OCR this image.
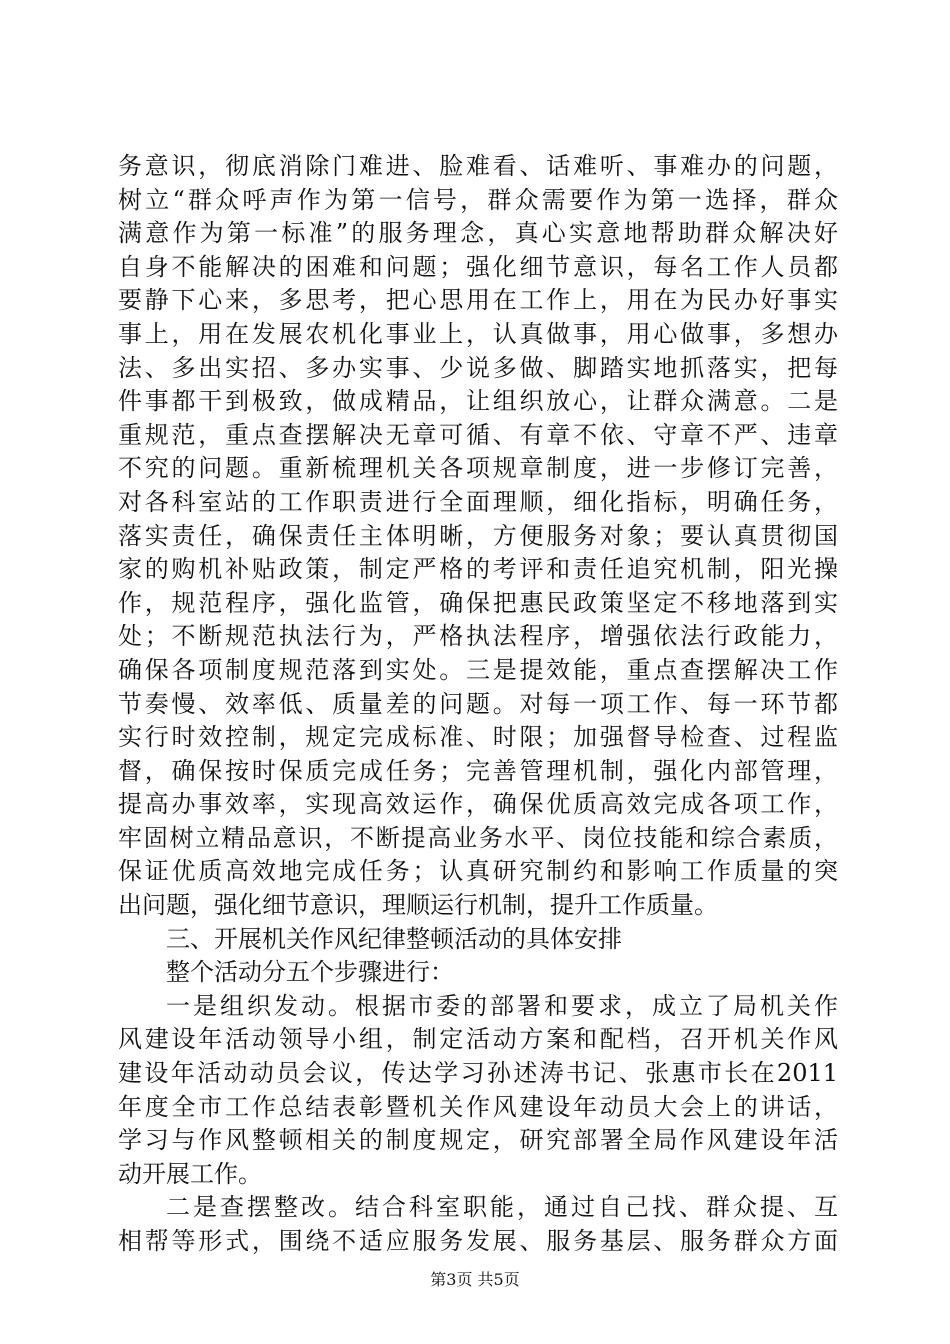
务意识，彻底消除门难进、脸难看、话难听、事难办的问题，
树立“群众呼声作为第一信号，群众需要作为第一选择，群众
满意作为第一标准”的服务理念，真心实意地帮助群众解决好
自身不能解决的困难和问题；强化细节意识，每名工作人员都
要静下心来，多思考，把心思用在工作上，用在为民办好事实
事上，用在发展农机化事业上，认真做事，用心做事，多想办
法、多出实招、多办实事、少说多做、脚踏实地抓落实，把每
件事都干到极致，做成精品，让组织放心，让群众满意。二是
重规范，重点查摆解决无章可循、有章不依、守章不严、违章
不究的问题。重新梳理机关各项规章制度，进一步修订完善，
对各科室站的工作职责进行全面理顺，细化指标，明确任务，
落实责任，确保责任主体明晰，方便服务对象；要认真贯彻国
家的购机补贴政策，制定严格的考评和责任追究机制，阳光操
作，规范程序，强化监管，确保把惠民政策坚定不移地落到实
处；不断规范执法行为，严格执法程序，增强依法行政能力，
确保各项制度规范落到实处。三是提效能，重点查摆解决工作
节奏慢、效率低、质量差的问题。对每一项工作、每一环节都
实行时效控制，规定完成标准、时限；加强督导检查、过程监
督，确保按时保质完成任务；完善管理机制，强化内部管理，
提高办事效率，实现高效运作，确保优质高效完成各项工作，
牢固树立精品意识，不断提高业务水平、岗位技能和综合素质，
保证优质高效地完成任务；认真研究制约和影响工作质量的突
出问题，强化细节意识，理顺运行机制，提升工作质量。
三、开展机关作风纪律整顿活动的具体安排
整个活动分五个步骤进行：
一是组织发动。根据市委的部署和要求，成立了局机关作
风建设年活动领导小组，制定活动方案和配档，召开机关作风
建设年活动动员会议，传达学习孙述涛书记、张惠市长在2011
年度全市工作总结表彰暨机关作风建设年动员大会上的讲话，
学习与作风整顿相关的制度规定，研究部署全局作风建设年活
动开展工作。
二是查摆整改。结合科室职能，通过自己找、群众提、互
相帮等形式，围绕不适应服务发展、服务基层、服务群众方面
第3页 共5页
